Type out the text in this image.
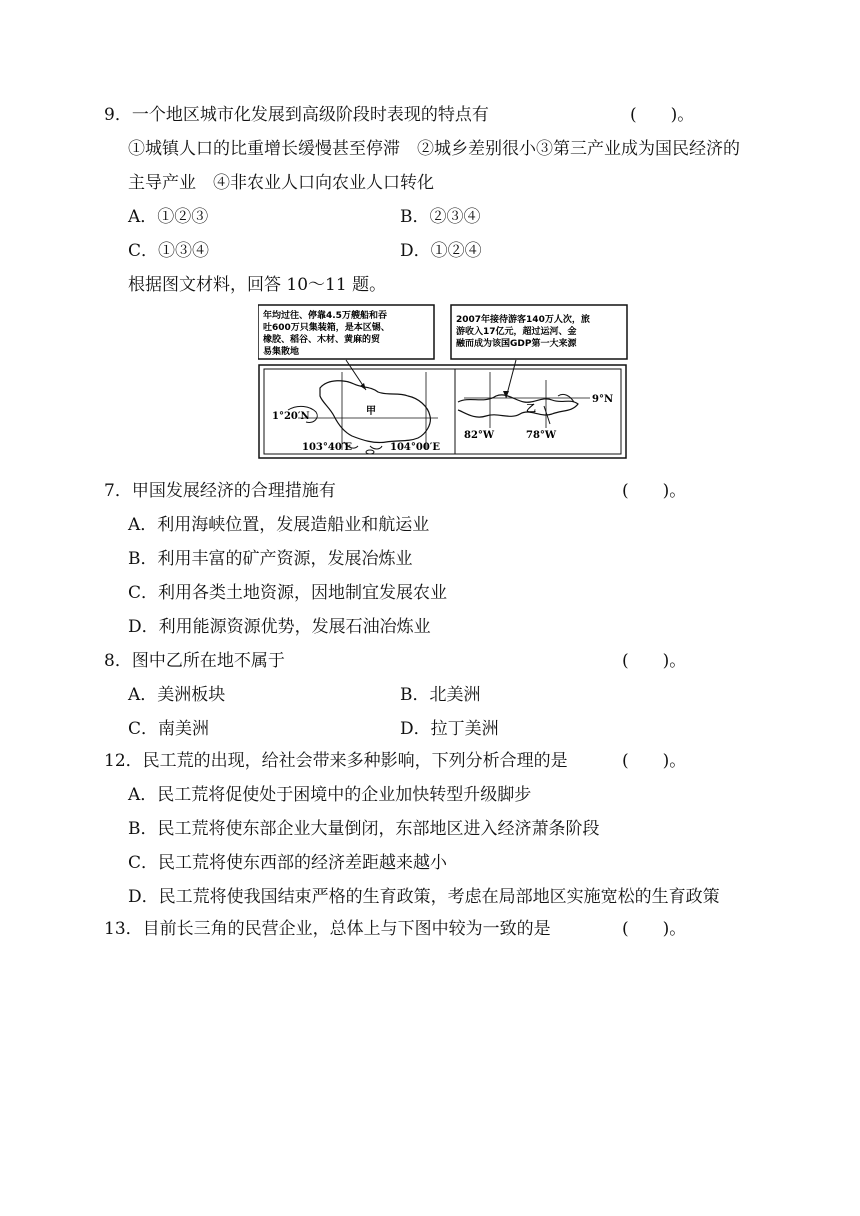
9．一个地区城市化发展到高级阶段时表现的特点有	(　　)。
①城镇人口的比重增长缓慢甚至停滞　②城乡差别很小③第三产业成为国民经济的
主导产业　④非农业人口向农业人口转化
A．①②③	B．②③④
C．①③④	D．①②④
根据图文材料，回答 10～11 题。
年均过往、停靠4.5万艘船和吞
吐600万只集装箱，是本区锡、
橡胶、稻谷、木材、黄麻的贸
易集散地
2007年接待游客140万人次，旅
游收入17亿元，超过运河、金
融而成为该国GDP第一大来源
甲
1°20′N
103°40′E	104°00′E
乙
9°N
82°W	78°W
7．甲国发展经济的合理措施有	(　　)。
A．利用海峡位置，发展造船业和航运业
B．利用丰富的矿产资源，发展冶炼业
C．利用各类土地资源，因地制宜发展农业
D．利用能源资源优势，发展石油冶炼业
8．图中乙所在地不属于	(　　)。
A．美洲板块	B．北美洲
C．南美洲	D．拉丁美洲
12．民工荒的出现，给社会带来多种影响，下列分析合理的是	(　　)。
A．民工荒将促使处于困境中的企业加快转型升级脚步
B．民工荒将使东部企业大量倒闭，东部地区进入经济萧条阶段
C．民工荒将使东西部的经济差距越来越小
D．民工荒将使我国结束严格的生育政策，考虑在局部地区实施宽松的生育政策
13．目前长三角的民营企业，总体上与下图中较为一致的是	(　　)。
